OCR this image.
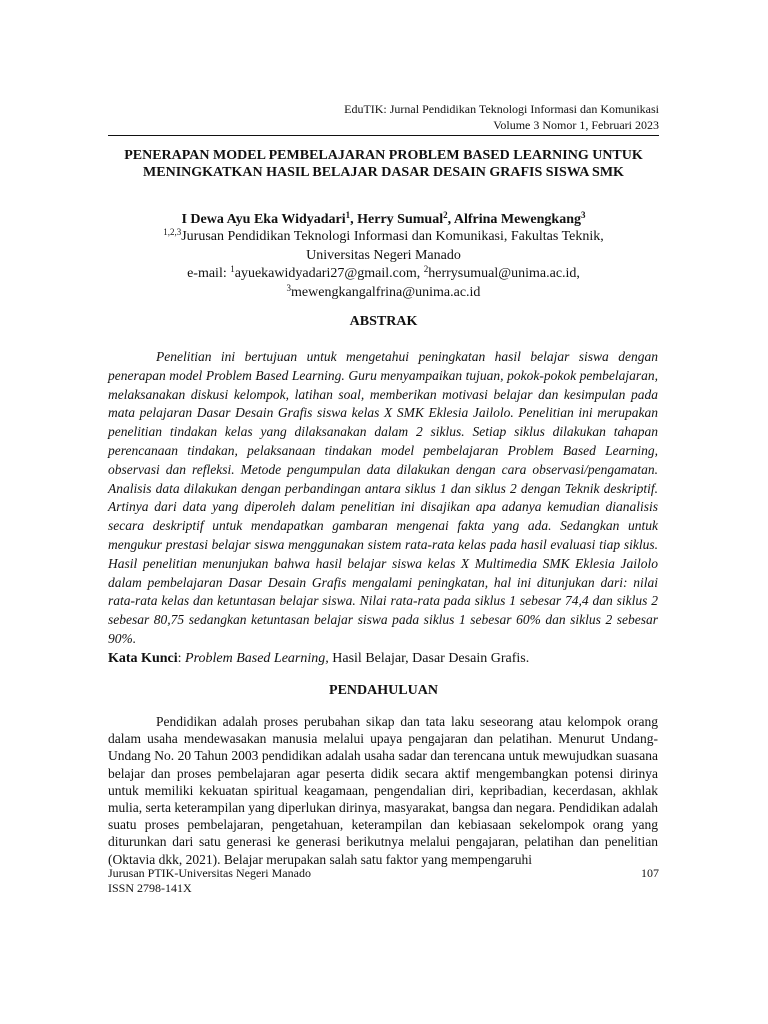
EduTIK: Jurnal Pendidikan Teknologi Informasi dan Komunikasi
Volume 3 Nomor 1, Februari 2023
PENERAPAN MODEL PEMBELAJARAN PROBLEM BASED LEARNING UNTUK MENINGKATKAN HASIL BELAJAR DASAR DESAIN GRAFIS SISWA SMK
I Dewa Ayu Eka Widyadari$^1$, Herry Sumual$^2$, Alfrina Mewengkang$^3$
$^{1,2,3}$Jurusan Pendidikan Teknologi Informasi dan Komunikasi, Fakultas Teknik,
Universitas Negeri Manado
e-mail: $^1$ayuekawidyadari27@gmail.com, $^2$herrysumual@unima.ac.id,
$^3$mewengkangalfrina@unima.ac.id
ABSTRAK

Penelitian ini bertujuan untuk mengetahui peningkatan hasil belajar siswa dengan penerapan model Problem Based Learning. Guru menyampaikan tujuan, pokok-pokok pembelajaran, melaksanakan diskusi kelompok, latihan soal, memberikan motivasi belajar dan kesimpulan pada mata pelajaran Dasar Desain Grafis siswa kelas X SMK Eklesia Jailolo. Penelitian ini merupakan penelitian tindakan kelas yang dilaksanakan dalam 2 siklus. Setiap siklus dilakukan tahapan perencanaan tindakan, pelaksanaan tindakan model pembelajaran Problem Based Learning, observasi dan refleksi. Metode pengumpulan data dilakukan dengan cara observasi/pengamatan. Analisis data dilakukan dengan perbandingan antara siklus 1 dan siklus 2 dengan Teknik deskriptif. Artinya dari data yang diperoleh dalam penelitian ini disajikan apa adanya kemudian dianalisis secara deskriptif untuk mendapatkan gambaran mengenai fakta yang ada. Sedangkan untuk mengukur prestasi belajar siswa menggunakan sistem rata-rata kelas pada hasil evaluasi tiap siklus. Hasil penelitian menunjukan bahwa hasil belajar siswa kelas X Multimedia SMK Eklesia Jailolo dalam pembelajaran Dasar Desain Grafis mengalami peningkatan, hal ini ditunjukan dari: nilai rata-rata kelas dan ketuntasan belajar siswa. Nilai rata-rata pada siklus 1 sebesar 74,4 dan siklus 2 sebesar 80,75 sedangkan ketuntasan belajar siswa pada siklus 1 sebesar 60% dan siklus 2 sebesar 90%.

Kata Kunci: Problem Based Learning, Hasil Belajar, Dasar Desain Grafis.
PENDAHULUAN

Pendidikan adalah proses perubahan sikap dan tata laku seseorang atau kelompok orang dalam usaha mendewasakan manusia melalui upaya pengajaran dan pelatihan. Menurut Undang-Undang No. 20 Tahun 2003 pendidikan adalah usaha sadar dan terencana untuk mewujudkan suasana belajar dan proses pembelajaran agar peserta didik secara aktif mengembangkan potensi dirinya untuk memiliki kekuatan spiritual keagamaan, pengendalian diri, kepribadian, kecerdasan, akhlak mulia, serta keterampilan yang diperlukan dirinya, masyarakat, bangsa dan negara. Pendidikan adalah suatu proses pembelajaran, pengetahuan, keterampilan dan kebiasaan sekelompok orang yang diturunkan dari satu generasi ke generasi berikutnya melalui pengajaran, pelatihan dan penelitian (Oktavia dkk, 2021). Belajar merupakan salah satu faktor yang mempengaruhi

Jurusan PTIK-Universitas Negeri Manado
ISSN 2798-141X
107
